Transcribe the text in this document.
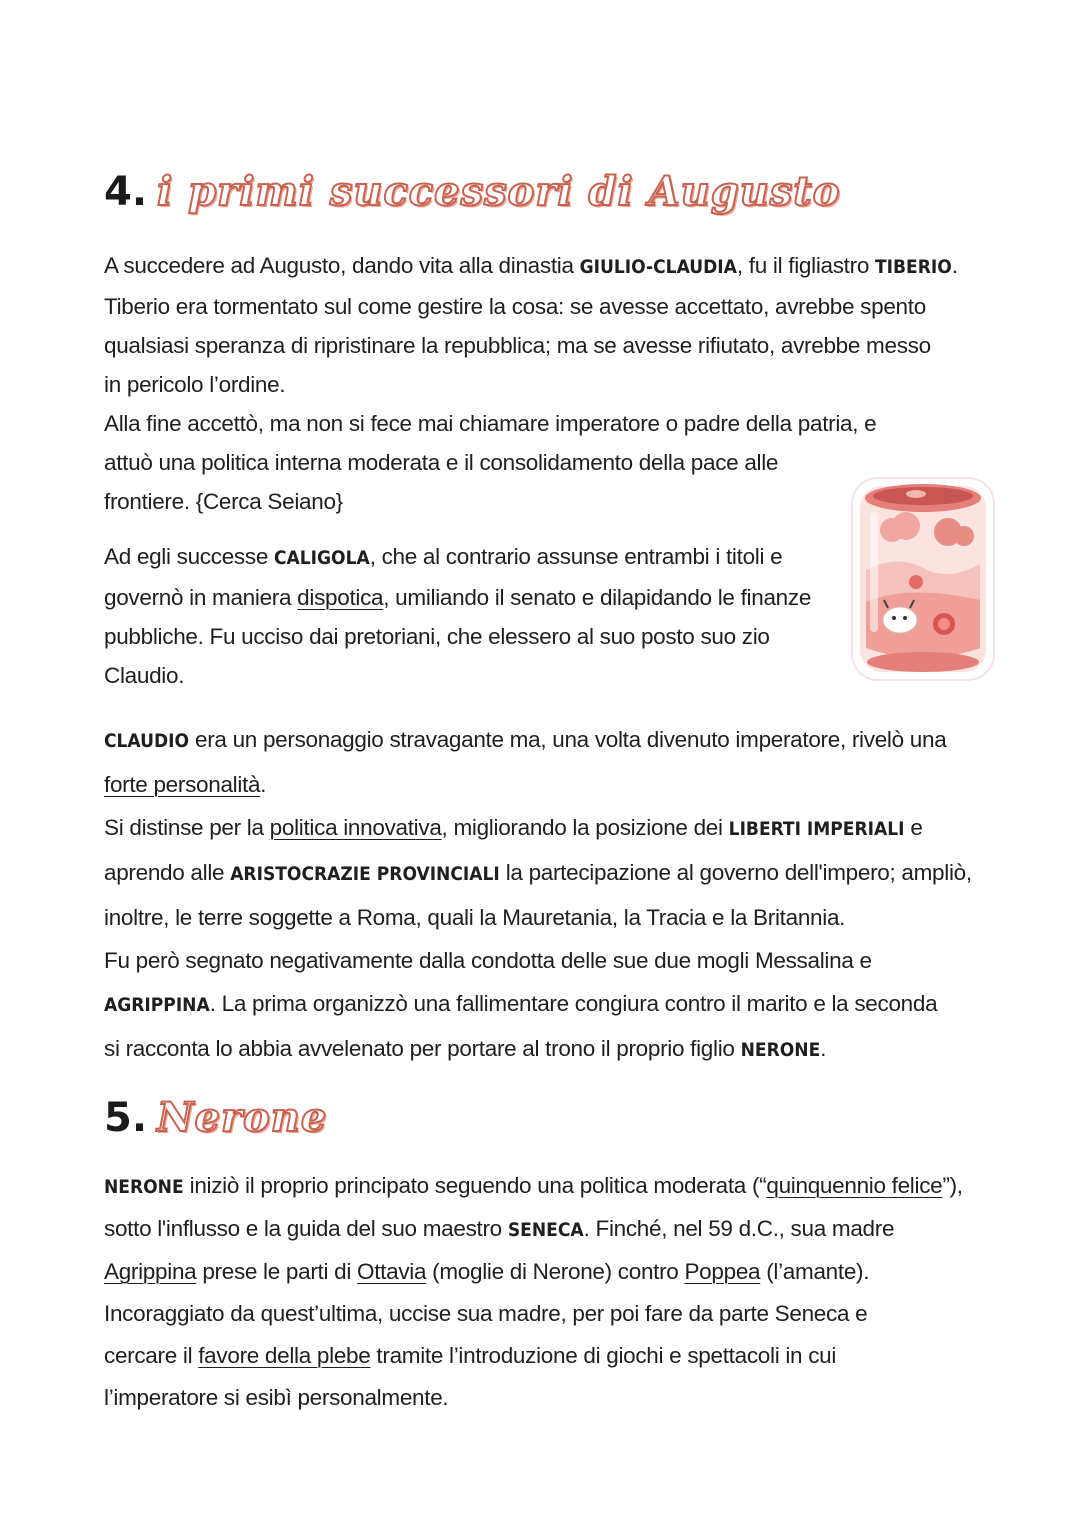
4. i primi successori di Augusto
A succedere ad Augusto, dando vita alla dinastia GIULIO-CLAUDIA, fu il figliastro TIBERIO.
Tiberio era tormentato sul come gestire la cosa: se avesse accettato, avrebbe spento
qualsiasi speranza di ripristinare la repubblica; ma se avesse rifiutato, avrebbe messo
in pericolo l’ordine.
Alla fine accettò, ma non si fece mai chiamare imperatore o padre della patria, e
attuò una politica interna moderata e il consolidamento della pace alle
frontiere. {Cerca Seiano}
Ad egli successe CALIGOLA, che al contrario assunse entrambi i titoli e
governò in maniera dispotica, umiliando il senato e dilapidando le finanze
pubbliche. Fu ucciso dai pretoriani, che elessero al suo posto suo zio
Claudio.
CLAUDIO era un personaggio stravagante ma, una volta divenuto imperatore, rivelò una
forte personalità.
Si distinse per la politica innovativa, migliorando la posizione dei LIBERTI IMPERIALI e
aprendo alle ARISTOCRAZIE PROVINCIALI la partecipazione al governo dell'impero; ampliò,
inoltre, le terre soggette a Roma, quali la Mauretania, la Tracia e la Britannia.
Fu però segnato negativamente dalla condotta delle sue due mogli Messalina e
AGRIPPINA. La prima organizzò una fallimentare congiura contro il marito e la seconda
si racconta lo abbia avvelenato per portare al trono il proprio figlio NERONE.
5. Nerone
NERONE iniziò il proprio principato seguendo una politica moderata (“quinquennio felice”),
sotto l'influsso e la guida del suo maestro SENECA. Finché, nel 59 d.C., sua madre
Agrippina prese le parti di Ottavia (moglie di Nerone) contro Poppea (l’amante).
Incoraggiato da quest’ultima, uccise sua madre, per poi fare da parte Seneca e
cercare il favore della plebe tramite l’introduzione di giochi e spettacoli in cui
l’imperatore si esibì personalmente.
